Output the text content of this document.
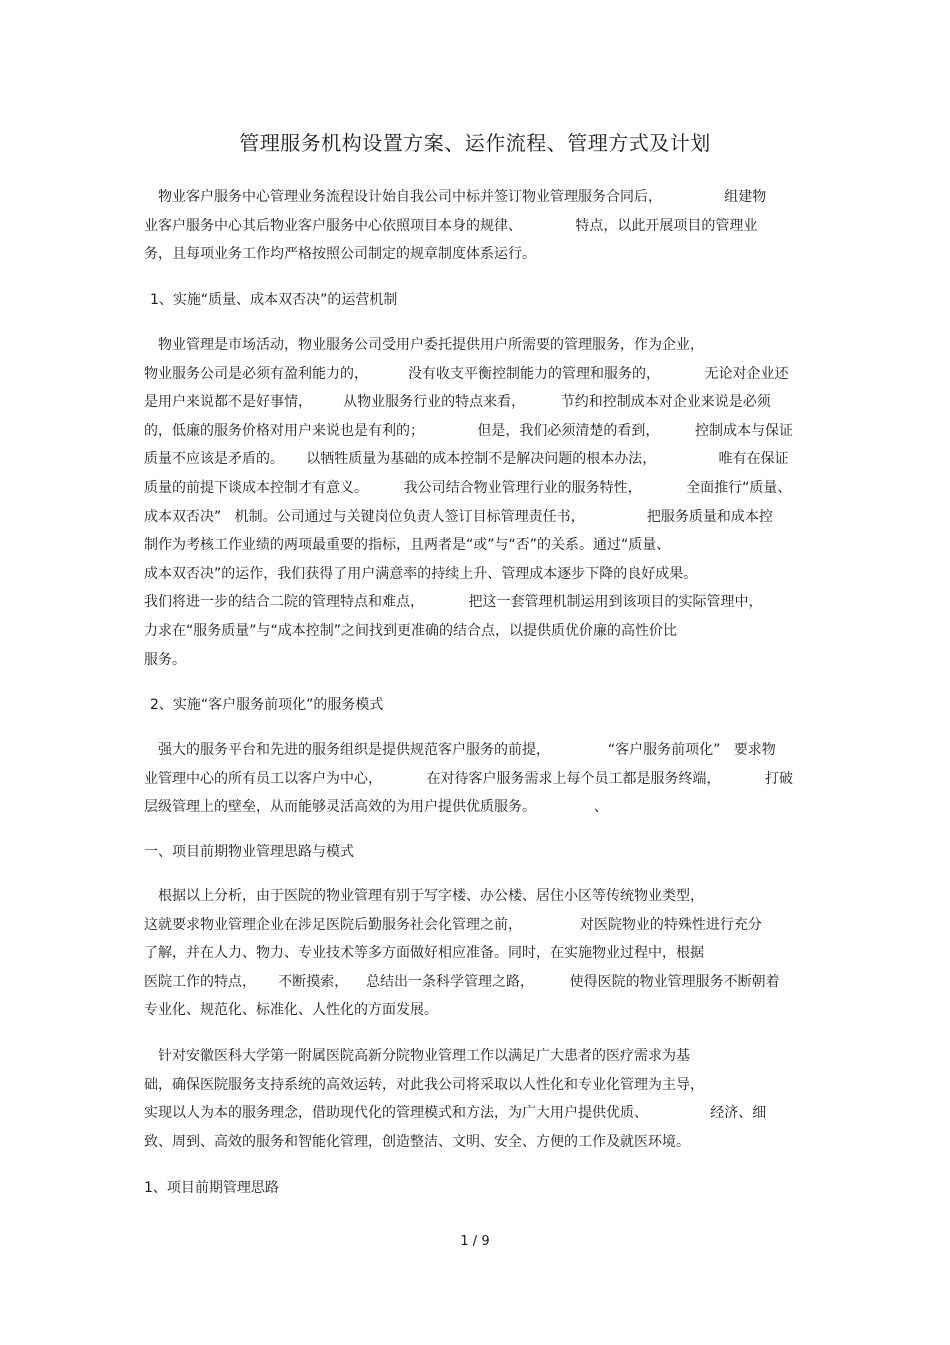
管理服务机构设置方案、运作流程、管理方式及计划
物业客户服务中心管理业务流程设计始自我公司中标并签订物业管理服务合同后，              组建物
业客户服务中心其后物业客户服务中心依照项目本身的规律、            特点，以此开展项目的管理业
务，且每项业务工作均严格按照公司制定的规章制度体系运行。
1、实施“质量、成本双否决”的运营机制
物业管理是市场活动，物业服务公司受用户委托提供用户所需要的管理服务，作为企业，
物业服务公司是必须有盈利能力的，         没有收支平衡控制能力的管理和服务的，          无论对企业还
是用户来说都不是好事情，       从物业服务行业的特点来看，        节约和控制成本对企业来说是必须
的，低廉的服务价格对用户来说也是有利的；            但是，我们必须清楚的看到，        控制成本与保证
质量不应该是矛盾的。     以牺牲质量为基础的成本控制不是解决问题的根本办法，              唯有在保证
质量的前提下谈成本控制才有意义。        我公司结合物业管理行业的服务特性，          全面推行“质量、
成本双否决”   机制。公司通过与关键岗位负责人签订目标管理责任书，              把服务质量和成本控
制作为考核工作业绩的两项最重要的指标，且两者是“或”与“否”的关系。通过“质量、
成本双否决”的运作，我们获得了用户满意率的持续上升、管理成本逐步下降的良好成果。
我们将进一步的结合二院的管理特点和难点，          把这一套管理机制运用到该项目的实际管理中，
力求在“服务质量”与“成本控制”之间找到更准确的结合点，以提供质优价廉的高性价比
服务。
2、实施“客户服务前项化”的服务模式
强大的服务平台和先进的服务组织是提供规范客户服务的前提，             “客户服务前项化”   要求物
业管理中心的所有员工以客户为中心，          在对待客户服务需求上每个员工都是服务终端，          打破
层级管理上的壁垒，从而能够灵活高效的为用户提供优质服务。             、
一、项目前期物业管理思路与模式
根据以上分析，由于医院的物业管理有别于写字楼、办公楼、居住小区等传统物业类型，
这就要求物业管理企业在涉足医院后勤服务社会化管理之前，             对医院物业的特殊性进行充分
了解，并在人力、物力、专业技术等多方面做好相应准备。同时，在实施物业过程中，根据
医院工作的特点，     不断摸索，    总结出一条科学管理之路，        使得医院的物业管理服务不断朝着
专业化、规范化、标准化、人性化的方面发展。
针对安徽医科大学第一附属医院高新分院物业管理工作以满足广大患者的医疗需求为基
础，确保医院服务支持系统的高效运转，对此我公司将采取以人性化和专业化管理为主导，
实现以人为本的服务理念，借助现代化的管理模式和方法，为广大用户提供优质、              经济、细
致、周到、高效的服务和智能化管理，创造整洁、文明、安全、方便的工作及就医环境。
1、项目前期管理思路
1 / 9
